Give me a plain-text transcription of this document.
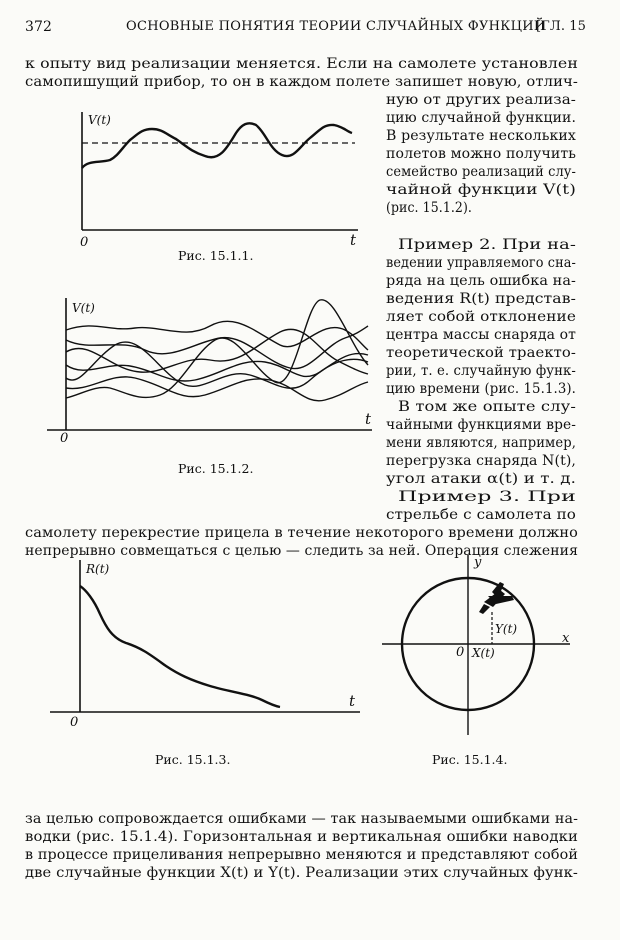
372	ОСНОВНЫЕ ПОНЯТИЯ ТЕОРИИ СЛУЧАЙНЫХ ФУНКЦИЙ
[ГЛ. 15
к опыту вид реализации меняется. Если на самолете установлен
самопишущий прибор, то он в каждом полете запишет новую, отлич-
ную от других реализа-
цию случайной функции.
В результате нескольких
полетов можно получить
семейство реализаций слу-
чайной функции V(t)
(рис. 15.1.2).
Пример 2. При на-
ведении управляемого сна-
ряда на цель ошибка на-
ведения R(t) представ-
ляет собой отклонение
центра массы снаряда от
теоретической траекто-
рии, т. е. случайную функ-
цию времени (рис. 15.1.3).
В том же опыте слу-
чайными функциями вре-
мени являются, например,
перегрузка снаряда N(t),
угол атаки α(t) и т. д.
Пример 3. При
стрельбе с самолета по
самолету перекрестие прицела в течение некоторого времени должно
непрерывно совмещаться с целью — следить за ней. Операция слежения
за целью сопровождается ошибками — так называемыми ошибками на-
водки (рис. 15.1.4). Горизонтальная и вертикальная ошибки наводки
в процессе прицеливания непрерывно меняются и представляют собой
две случайные функции X(t) и Y(t). Реализации этих случайных функ-
V(t)
0	t
Рис. 15.1.1.
V(t)
0
t
Рис. 15.1.2.
R(t)
0
t
Рис. 15.1.3.
y
x
0
Y(t)
X(t)
Рис. 15.1.4.
